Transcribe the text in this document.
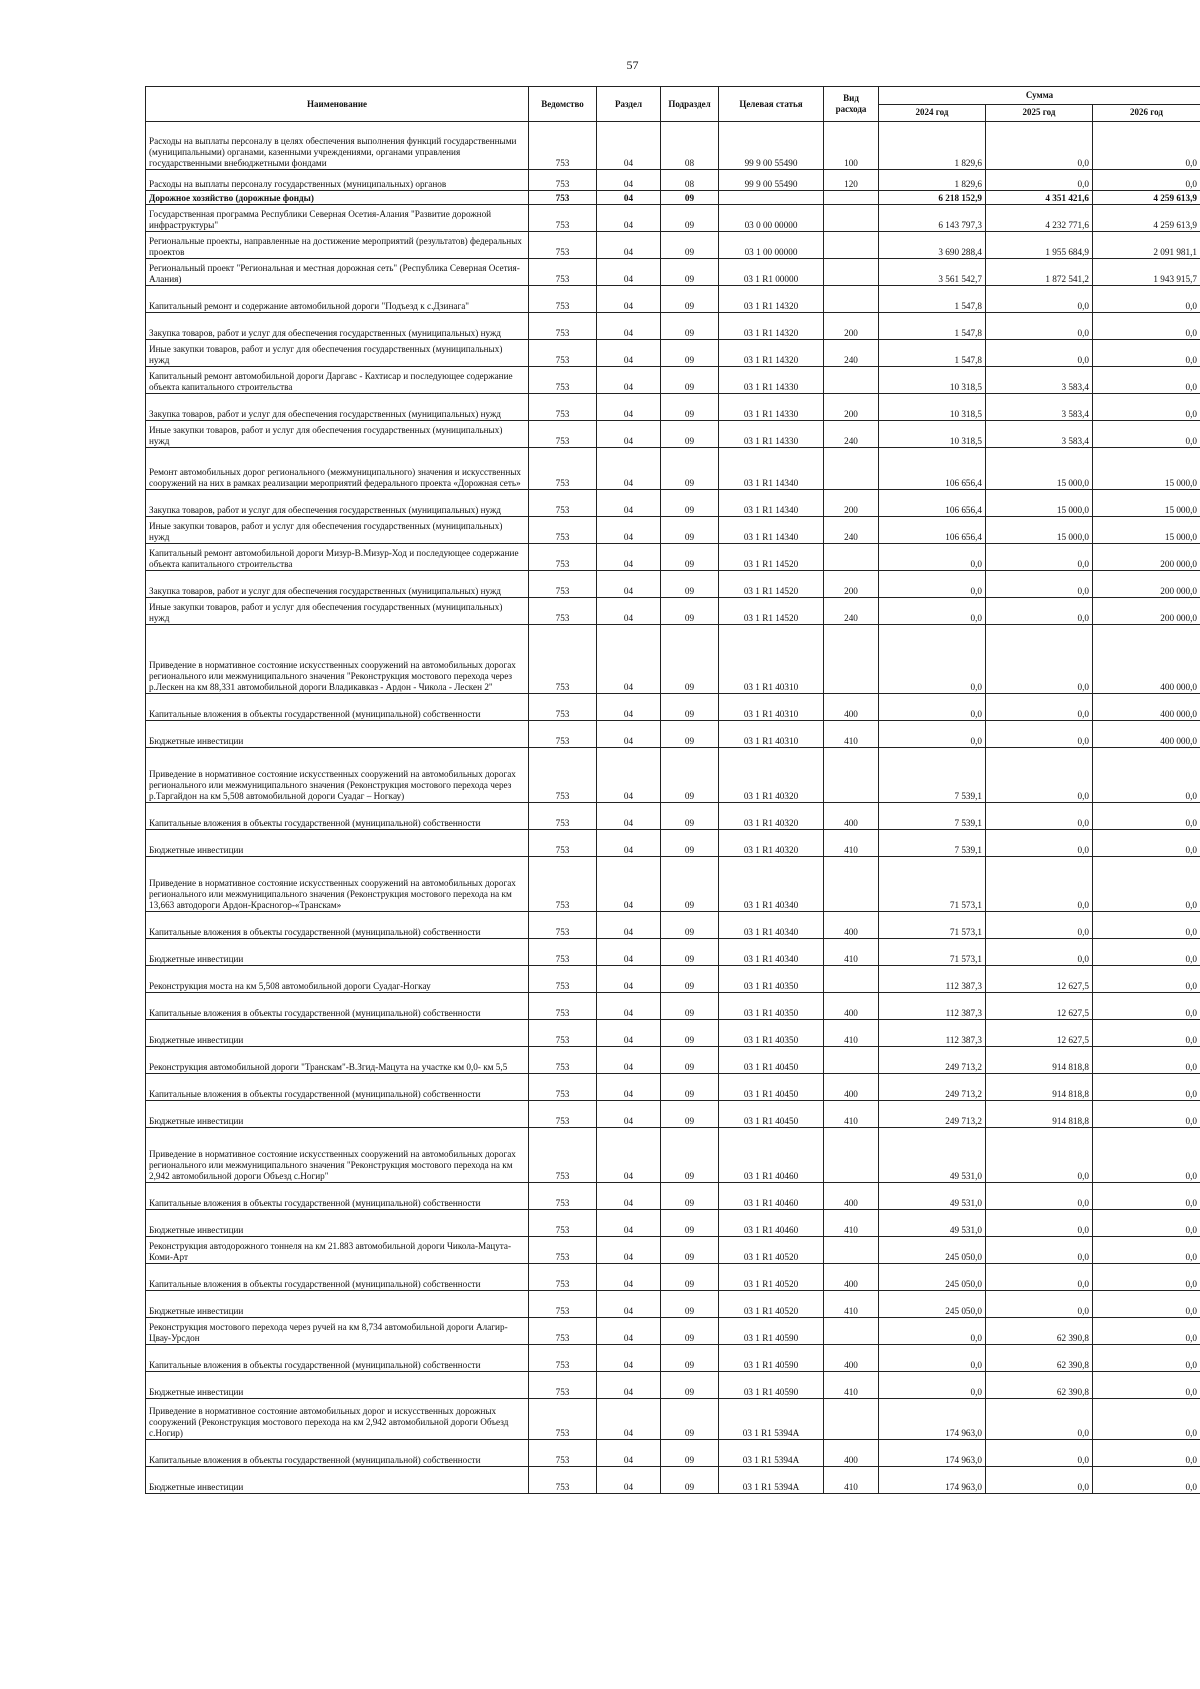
57
Наименование	Ведомство	Раздел	Подраздел	Целевая статья	Вид расхода	Сумма		
						2024 год	2025 год	2026 год
Расходы на выплаты персоналу в целях обеспечения выполнения функций государственными (муниципальными) органами, казенными учреждениями, органами управления государственными внебюджетными фондами	753	04	08	99 9 00 55490	100	1 829,6	0,0	0,0
Расходы на выплаты персоналу государственных (муниципальных) органов	753	04	08	99 9 00 55490	120	1 829,6	0,0	0,0
Дорожное хозяйство (дорожные фонды)	753	04	09			6 218 152,9	4 351 421,6	4 259 613,9
Государственная программа Республики Северная Осетия-Алания "Развитие дорожной инфраструктуры"	753	04	09	03 0 00 00000		6 143 797,3	4 232 771,6	4 259 613,9
Региональные проекты, направленные на достижение мероприятий (результатов) федеральных проектов	753	04	09	03 1 00 00000		3 690 288,4	1 955 684,9	2 091 981,1
Региональный проект "Региональная и местная дорожная сеть" (Республика Северная Осетия-Алания)	753	04	09	03 1 R1 00000		3 561 542,7	1 872 541,2	1 943 915,7
Капитальный ремонт и содержание автомобильной дороги "Подъезд к с.Дзинага"	753	04	09	03 1 R1 14320		1 547,8	0,0	0,0
Закупка товаров, работ и услуг для обеспечения государственных (муниципальных) нужд	753	04	09	03 1 R1 14320	200	1 547,8	0,0	0,0
Иные закупки товаров, работ и услуг для обеспечения государственных (муниципальных) нужд	753	04	09	03 1 R1 14320	240	1 547,8	0,0	0,0
Капитальный ремонт автомобильной дороги Даргавс - Кахтисар и последующее содержание объекта капитального строительства	753	04	09	03 1 R1 14330		10 318,5	3 583,4	0,0
Закупка товаров, работ и услуг для обеспечения государственных (муниципальных) нужд	753	04	09	03 1 R1 14330	200	10 318,5	3 583,4	0,0
Иные закупки товаров, работ и услуг для обеспечения государственных (муниципальных) нужд	753	04	09	03 1 R1 14330	240	10 318,5	3 583,4	0,0
Ремонт автомобильных дорог регионального (межмуниципального) значения и искусственных сооружений на них в рамках реализации мероприятий федерального проекта «Дорожная сеть»	753	04	09	03 1 R1 14340		106 656,4	15 000,0	15 000,0
Закупка товаров, работ и услуг для обеспечения государственных (муниципальных) нужд	753	04	09	03 1 R1 14340	200	106 656,4	15 000,0	15 000,0
Иные закупки товаров, работ и услуг для обеспечения государственных (муниципальных) нужд	753	04	09	03 1 R1 14340	240	106 656,4	15 000,0	15 000,0
Капитальный ремонт автомобильной дороги Мизур-В.Мизур-Ход и последующее содержание объекта капитального строительства	753	04	09	03 1 R1 14520		0,0	0,0	200 000,0
Закупка товаров, работ и услуг для обеспечения государственных (муниципальных) нужд	753	04	09	03 1 R1 14520	200	0,0	0,0	200 000,0
Иные закупки товаров, работ и услуг для обеспечения государственных (муниципальных) нужд	753	04	09	03 1 R1 14520	240	0,0	0,0	200 000,0
Приведение в нормативное состояние искусственных сооружений на автомобильных дорогах регионального или межмуниципального значения "Реконструкция мостового перехода через р.Лескен на км 88,331 автомобильной дороги Владикавказ - Ардон - Чикола - Лескен 2"	753	04	09	03 1 R1 40310		0,0	0,0	400 000,0
Капитальные вложения в объекты государственной (муниципальной) собственности	753	04	09	03 1 R1 40310	400	0,0	0,0	400 000,0
Бюджетные инвестиции	753	04	09	03 1 R1 40310	410	0,0	0,0	400 000,0
Приведение в нормативное состояние искусственных сооружений на автомобильных дорогах регионального или межмуниципального значения (Реконструкция мостового перехода через р.Таргайдон на км 5,508 автомобильной дороги Суадаг – Ногкау)	753	04	09	03 1 R1 40320		7 539,1	0,0	0,0
Капитальные вложения в объекты государственной (муниципальной) собственности	753	04	09	03 1 R1 40320	400	7 539,1	0,0	0,0
Бюджетные инвестиции	753	04	09	03 1 R1 40320	410	7 539,1	0,0	0,0
Приведение в нормативное состояние искусственных сооружений на автомобильных дорогах регионального или межмуниципального значения (Реконструкция мостового перехода на км 13,663 автодороги Ардон-Красногор-«Транскам»	753	04	09	03 1 R1 40340		71 573,1	0,0	0,0
Капитальные вложения в объекты государственной (муниципальной) собственности	753	04	09	03 1 R1 40340	400	71 573,1	0,0	0,0
Бюджетные инвестиции	753	04	09	03 1 R1 40340	410	71 573,1	0,0	0,0
Реконструкция моста на км 5,508 автомобильной дороги Суадаг-Ногкау	753	04	09	03 1 R1 40350		112 387,3	12 627,5	0,0
Капитальные вложения в объекты государственной (муниципальной) собственности	753	04	09	03 1 R1 40350	400	112 387,3	12 627,5	0,0
Бюджетные инвестиции	753	04	09	03 1 R1 40350	410	112 387,3	12 627,5	0,0
Реконструкция автомобильной дороги "Транскам"-В.Згид-Мацута на участке км 0,0- км 5,5	753	04	09	03 1 R1 40450		249 713,2	914 818,8	0,0
Капитальные вложения в объекты государственной (муниципальной) собственности	753	04	09	03 1 R1 40450	400	249 713,2	914 818,8	0,0
Бюджетные инвестиции	753	04	09	03 1 R1 40450	410	249 713,2	914 818,8	0,0
Приведение в нормативное состояние искусственных сооружений на автомобильных дорогах регионального или межмуниципального значения "Реконструкция мостового перехода на км 2,942 автомобильной дороги Объезд с.Ногир"	753	04	09	03 1 R1 40460		49 531,0	0,0	0,0
Капитальные вложения в объекты государственной (муниципальной) собственности	753	04	09	03 1 R1 40460	400	49 531,0	0,0	0,0
Бюджетные инвестиции	753	04	09	03 1 R1 40460	410	49 531,0	0,0	0,0
Реконструкция автодорожного тоннеля на км 21.883 автомобильной дороги Чикола-Мацута-Коми-Арт	753	04	09	03 1 R1 40520		245 050,0	0,0	0,0
Капитальные вложения в объекты государственной (муниципальной) собственности	753	04	09	03 1 R1 40520	400	245 050,0	0,0	0,0
Бюджетные инвестиции	753	04	09	03 1 R1 40520	410	245 050,0	0,0	0,0
Реконструкция мостового перехода через ручей на км 8,734 автомобильной дороги Алагир-Цвау-Урсдон	753	04	09	03 1 R1 40590		0,0	62 390,8	0,0
Капитальные вложения в объекты государственной (муниципальной) собственности	753	04	09	03 1 R1 40590	400	0,0	62 390,8	0,0
Бюджетные инвестиции	753	04	09	03 1 R1 40590	410	0,0	62 390,8	0,0
Приведение в нормативное состояние автомобильных дорог и искусственных дорожных сооружений (Реконструкция мостового перехода на км 2,942 автомобильной дороги Объезд с.Ногир)	753	04	09	03 1 R1 5394A		174 963,0	0,0	0,0
Капитальные вложения в объекты государственной (муниципальной) собственности	753	04	09	03 1 R1 5394A	400	174 963,0	0,0	0,0
Бюджетные инвестиции	753	04	09	03 1 R1 5394A	410	174 963,0	0,0	0,0
